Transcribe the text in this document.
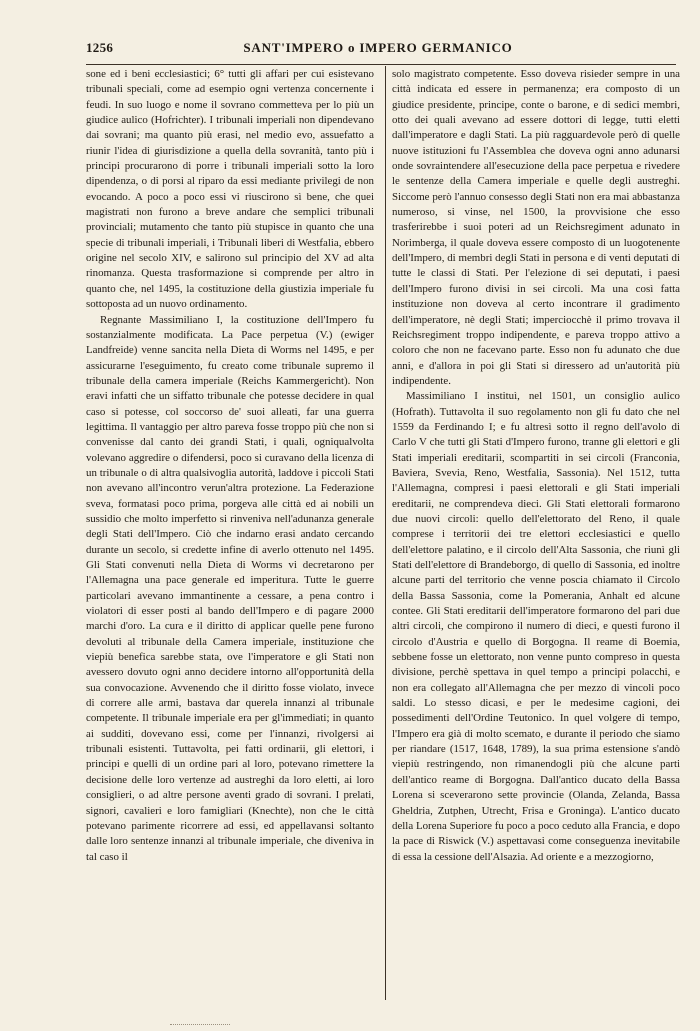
1256	SANT'IMPERO o IMPERO GERMANICO

sone ed i beni ecclesiastici; 6° tutti gli affari per cui esistevano tribunali speciali, come ad esempio ogni vertenza concernente i feudi. In suo luogo e nome il sovrano commetteva per lo più un giudice aulico (Hofrichter). I tribunali imperiali non dipendevano dai sovrani; ma quanto più erasi, nel medio evo, assuefatto a riunir l'idea di giurisdizione a quella della sovranità, tanto più i principi procurarono di porre i tribunali imperiali sotto la loro dipendenza, o di porsi al riparo da essi mediante privilegi de non evocando. A poco a poco essi vi riuscirono sì bene, che quei magistrati non furono a breve andare che semplici tribunali provinciali; mutamento che tanto più stupisce in quanto che una specie di tribunali imperiali, i Tribunali liberi di Westfalia, ebbero origine nel secolo XIV, e salirono sul principio del XV ad alta rinomanza. Questa trasformazione si comprende per altro in quanto che, nel 1495, la costituzione della giustizia imperiale fu sottoposta ad un nuovo ordinamento.

Regnante Massimiliano I, la costituzione dell'Impero fu sostanzialmente modificata. La Pace perpetua (V.) (ewiger Landfreide) venne sancita nella Dieta di Worms nel 1495, e per assicurarne l'eseguimento, fu creato come tribunale supremo il tribunale della camera imperiale (Reichs Kammergericht). Non eravi infatti che un siffatto tribunale che potesse decidere in qual caso si potesse, col soccorso de' suoi alleati, far una guerra legittima. Il vantaggio per altro pareva fosse troppo più che non si convenisse dal canto dei grandi Stati, i quali, ogniqualvolta volevano aggredire o difendersi, poco si curavano della licenza di un tribunale o di altra qualsivoglia autorità, laddove i piccoli Stati non avevano all'incontro verun'altra protezione. La Federazione sveva, formatasi poco prima, porgeva alle città ed ai nobili un sussidio che molto imperfetto si rinveniva nell'adunanza generale degli Stati dell'Impero. Ciò che indarno erasi andato cercando durante un secolo, si credette infine di averlo ottenuto nel 1495. Gli Stati convenuti nella Dieta di Worms vi decretarono per l'Allemagna una pace generale ed imperitura. Tutte le guerre particolari avevano immantinente a cessare, a pena contro i violatori di esser posti al bando dell'Impero e di pagare 2000 marchi d'oro. La cura e il diritto di applicar quelle pene furono devoluti al tribunale della Camera imperiale, instituzione che viepiù benefica sarebbe stata, ove l'imperatore e gli Stati non avessero dovuto ogni anno decidere intorno all'opportunità della sua convocazione. Avvenendo che il diritto fosse violato, invece di correre alle armi, bastava dar querela innanzi al tribunale competente. Il tribunale imperiale era per gl'immediati; in quanto ai sudditi, dovevano essi, come per l'innanzi, rivolgersi ai tribunali esistenti. Tuttavolta, pei fatti ordinarii, gli elettori, i principi e quelli di un ordine pari al loro, potevano rimettere la decisione delle loro vertenze ad austreghi da loro eletti, ai loro consiglieri, o ad altre persone aventi grado di sovrani. I prelati, signori, cavalieri e loro famigliari (Knechte), non che le città potevano parimente ricorrere ad essi, ed appellavansi soltanto dalle loro sentenze innanzi al tribunale imperiale, che diveniva in tal caso il

solo magistrato competente. Esso doveva risieder sempre in una città indicata ed essere in permanenza; era composto di un giudice presidente, principe, conte o barone, e di sedici membri, otto dei quali avevano ad essere dottori di legge, tutti eletti dall'imperatore e dagli Stati. La più ragguardevole però di quelle nuove istituzioni fu l'Assemblea che doveva ogni anno adunarsi onde sovraintendere all'esecuzione della pace perpetua e rivedere le sentenze della Camera imperiale e quelle degli austreghi. Siccome però l'annuo consesso degli Stati non era mai abbastanza numeroso, si vinse, nel 1500, la provvisione che esso trasferirebbe i suoi poteri ad un Reichsregiment adunato in Norimberga, il quale doveva essere composto di un luogotenente dell'Impero, di membri degli Stati in persona e di venti deputati di tutte le classi di Stati. Per l'elezione di sei deputati, i paesi dell'Impero furono divisi in sei circoli. Ma una così fatta instituzione non doveva al certo incontrare il gradimento dell'imperatore, nè degli Stati; imperciocchè il primo trovava il Reichsregiment troppo indipendente, e pareva troppo attivo a coloro che non ne facevano parte. Esso non fu adunato che due anni, e d'allora in poi gli Stati si diressero ad un'autorità più indipendente.

Massimiliano I instituì, nel 1501, un consiglio aulico (Hofrath). Tuttavolta il suo regolamento non gli fu dato che nel 1559 da Ferdinando I; e fu altresì sotto il regno dell'avolo di Carlo V che tutti gli Stati d'Impero furono, tranne gli elettori e gli Stati imperiali ereditarii, scompartiti in sei circoli (Franconia, Baviera, Svevia, Reno, Westfalia, Sassonia). Nel 1512, tutta l'Allemagna, compresi i paesi elettorali e gli Stati imperiali ereditarii, ne comprendeva dieci. Gli Stati elettorali formarono due nuovi circoli: quello dell'elettorato del Reno, il quale comprese i territorii dei tre elettori ecclesiastici e quello dell'elettore palatino, e il circolo dell'Alta Sassonia, che riunì gli Stati dell'elettore di Brandeborgo, di quello di Sassonia, ed inoltre alcune parti del territorio che venne poscia chiamato il Circolo della Bassa Sassonia, come la Pomerania, Anhalt ed alcune contee. Gli Stati ereditarii dell'imperatore formarono del pari due altri circoli, che compirono il numero di dieci, e questi furono il circolo d'Austria e quello di Borgogna. Il reame di Boemia, sebbene fosse un elettorato, non venne punto compreso in questa divisione, perchè spettava in quel tempo a principi polacchi, e non era collegato all'Allemagna che per mezzo di vincoli poco saldi. Lo stesso dicasi, e per le medesime cagioni, dei possedimenti dell'Ordine Teutonico. In quel volgere di tempo, l'Impero era già di molto scemato, e durante il periodo che siamo per riandare (1517, 1648, 1789), la sua prima estensione s'andò viepiù restringendo, non rimanendogli più che alcune parti dell'antico reame di Borgogna. Dall'antico ducato della Bassa Lorena si sceverarono sette provincie (Olanda, Zelanda, Bassa Gheldria, Zutphen, Utrecht, Frisa e Groninga). L'antico ducato della Lorena Superiore fu poco a poco ceduto alla Francia, e dopo la pace di Riswick (V.) aspettavasi come conseguenza inevitabile di essa la cessione dell'Alsazia. Ad oriente e a mezzogiorno,
